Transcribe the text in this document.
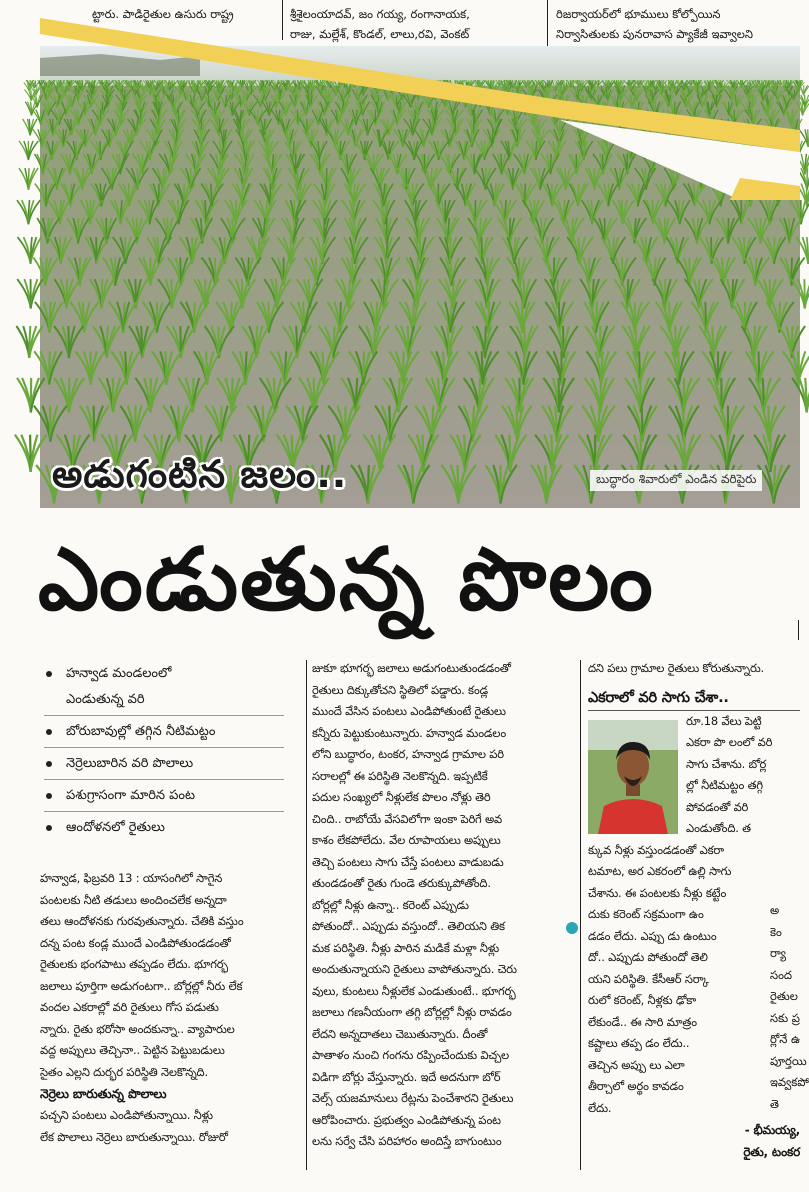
ట్టారు. పాడిరైతుల ఉసురు రాష్ట్ర	శ్రీశైలంయాదవ్, జం గయ్య, రంగానాయక,
రాజు, మల్లేశ్, కొండల్, లాలు,రవి, వెంకట్
రిజర్వాయర్‌లో భూములు కోల్పోయిన
నిర్వాసితులకు పునరావాస ప్యాకేజీ ఇవ్వాలని
అడుగంటిన జలం..	బుద్ధారం శివారులో ఎండిన వరిపైరు
ఎండుతున్న పొలం
హన్వాడ మండలంలో
ఎండుతున్న వరి
బోరుబావుల్లో తగ్గిన నీటిమట్టం
నెర్రెలుబారిన వరి పొలాలు
పశుగ్రాసంగా మారిన పంట
ఆందోళనలో రైతులు
హన్వాడ, ఫిబ్రవరి 13 : యాసంగిలో సాగైన
పంటలకు నీటి తడులు అందించలేక అన్నదా
తలు ఆందోళనకు గురవుతున్నారు. చేతికి వస్తుం
దన్న పంట కండ్ల ముందే ఎండిపోతుండడంతో
రైతులకు భంగపాటు తప్పడం లేదు. భూగర్భ
జలాలు పూర్తిగా అడుగంటగా.. బోర్లల్లో నీరు లేక
వందల ఎకరాల్లో వరి రైతులు గోస పడుతు
న్నారు. రైతు భరోసా అందకున్నా.. వ్యాపారుల
వద్ద అప్పులు తెచ్చినా.. పెట్టిన పెట్టుబడులు
సైతం ఎల్లని దుర్భర పరిస్థితి నెలకొన్నది.
నెర్రెలు బారుతున్న పొలాలు
పచ్చని పంటలు ఎండిపోతున్నాయి. నీళ్లు
లేక పొలాలు నెర్రెలు బారుతున్నాయి. రోజురో
జుకూ భూగర్భ జలాలు అడుగంటుతుండడంతో
రైతులు దిక్కుతోచని స్థితిలో పడ్డారు. కండ్ల
ముందే వేసిన పంటలు ఎండిపోతుంటే రైతులు
కన్నీరు పెట్టుకుంటున్నారు. హన్వాడ మండలం
లోని బుద్ధారం, టంకర, హన్వాడ గ్రామాల పరి
సరాలల్లో ఈ పరిస్థితి నెలకొన్నది. ఇప్పటికే
పదుల సంఖ్యలో నీళ్లులేక పొలం నోళ్లు తెరి
చింది.. రాబోయే వేసవిలోగా ఇంకా పెరిగే అవ
కాశం లేకపోలేదు. వేల రూపాయలు అప్పులు
తెచ్చి పంటలు సాగు చేస్తే పంటలు వాడుబడు
తుండడంతో రైతు గుండె తరుక్కుపోతోంది.
బోర్లల్లో నీళ్లు ఉన్నా.. కరెంట్ ఎప్పుడు
పోతుందో.. ఎప్పుడు వస్తుందో.. తెలియని తిక
మక పరిస్థితి. నీళ్లు పారిన మడికే మళ్లా నీళ్లు
అందుతున్నాయని రైతులు వాపోతున్నారు. చెరు
వులు, కుంటలు నీళ్లులేక ఎండుతుంటే.. భూగర్భ
జలాలు గణనీయంగా తగ్గి బోర్లల్లో నీళ్లు రావడం
లేదని అన్నదాతలు చెబుతున్నారు. దీంతో
పాతాళం నుంచి గంగను రప్పించేందుకు విచ్చల
విడిగా బోర్లు వేస్తున్నారు. ఇదే అదనుగా బోర్
వెల్స్ యజమానులు రేట్లను పెంచేశారని రైతులు
ఆరోపించారు. ప్రభుత్వం ఎండిపోతున్న పంట
లను సర్వే చేసి పరిహారం అందిస్తే బాగుంటుం
దని పలు గ్రామాల రైతులు కోరుతున్నారు.
ఎకరాలో వరి సాగు చేశా..
రూ.18 వేలు పెట్టి
ఎకరా పొ లంలో వరి
సాగు చేశాను. బోర్ల
ల్లో నీటిమట్టం తగ్గి
పోవడంతో వరి
ఎండుతోంది. త
క్కువ నీళ్లు వస్తుండడంతో ఎకరా
టమాట, అర ఎకరంలో ఉల్లి సాగు
చేశాను. ఈ పంటలకు నీళ్లు కట్టేం
దుకు కరెంట్ సక్రమంగా ఉం
డడం లేదు. ఎప్పు డు ఉంటుం
దో.. ఎప్పుడు పోతుందో తెలి
యని పరిస్థితి. కేసీఆర్ సర్కా
రులో కరెంట్, నీళ్లకు ఢోకా
లేకుండే.. ఈ సారి మాత్రం
కష్టాలు తప్ప డం లేదు..
తెచ్చిన అప్పు లు ఎలా
తీర్చాలో అర్థం కావడం
లేదు.
- భీమయ్య,
రైతు, టంకర
అ
కెం
ర్యా
సంద
రైతుల
సకు ప్ర
ర్లోనే ఉ
పూర్తయి
ఇవ్వకపో
తె
